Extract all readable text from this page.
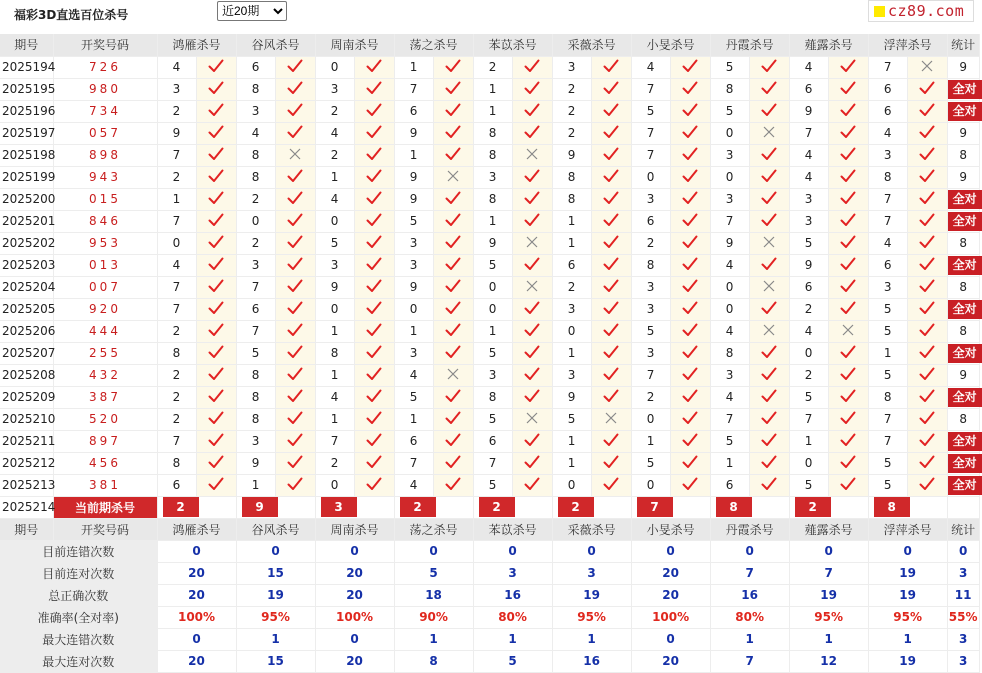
福彩3D直选百位杀号
近20期	cz89.com
期号	开奖号码	鸿雁杀号		谷风杀号		周南杀号		荡之杀号		苯苡杀号		采薇杀号		小旻杀号		丹霞杀号		薤露杀号		浮萍杀号		统计
2025194	726	4		6		0		1		2		3		4		5		4		7		9
2025195	980	3		8		3		7		1		2		7		8		6		6		全对
2025196	734	2		3		2		6		1		2		5		5		9		6		全对
2025197	057	9		4		4		9		8		2		7		0		7		4		9
2025198	898	7		8		2		1		8		9		7		3		4		3		8
2025199	943	2		8		1		9		3		8		0		0		4		8		9
2025200	015	1		2		4		9		8		8		3		3		3		7		全对
2025201	846	7		0		0		5		1		1		6		7		3		7		全对
2025202	953	0		2		5		3		9		1		2		9		5		4		8
2025203	013	4		3		3		3		5		6		8		4		9		6		全对
2025204	007	7		7		9		9		0		2		3		0		6		3		8
2025205	920	7		6		0		0		0		3		3		0		2		5		全对
2025206	444	2		7		1		1		1		0		5		4		4		5		8
2025207	255	8		5		8		3		5		1		3		8		0		1		全对
2025208	432	2		8		1		4		3		3		7		3		2		5		9
2025209	387	2		8		4		5		8		9		2		4		5		8		全对
2025210	520	2		8		1		1		5		5		0		7		7		7		8
2025211	897	7		3		7		6		6		1		1		5		1		7		全对
2025212	456	8		9		2		7		7		1		5		1		0		5		全对
2025213	381	6		1		0		4		5		0		0		6		5		5		全对
2025214	当前期杀号	2		9		3		2		2		2		7		8		2		8		
期号	开奖号码	鸿雁杀号		谷风杀号		周南杀号		荡之杀号		苯苡杀号		采薇杀号		小旻杀号		丹霞杀号		薤露杀号		浮萍杀号		统计
目前连错次数		0		0		0		0		0		0		0		0		0		0		0
目前连对次数		20		15		20		5		3		3		20		7		7		19		3
总正确次数		20		19		20		18		16		19		20		16		19		19		11
准确率(全对率)		100%		95%		100%		90%		80%		95%		100%		80%		95%		95%		55%
最大连错次数		0		1		0		1		1		1		0		1		1		1		3
最大连对次数		20		15		20		8		5		16		20		7		12		19		3
